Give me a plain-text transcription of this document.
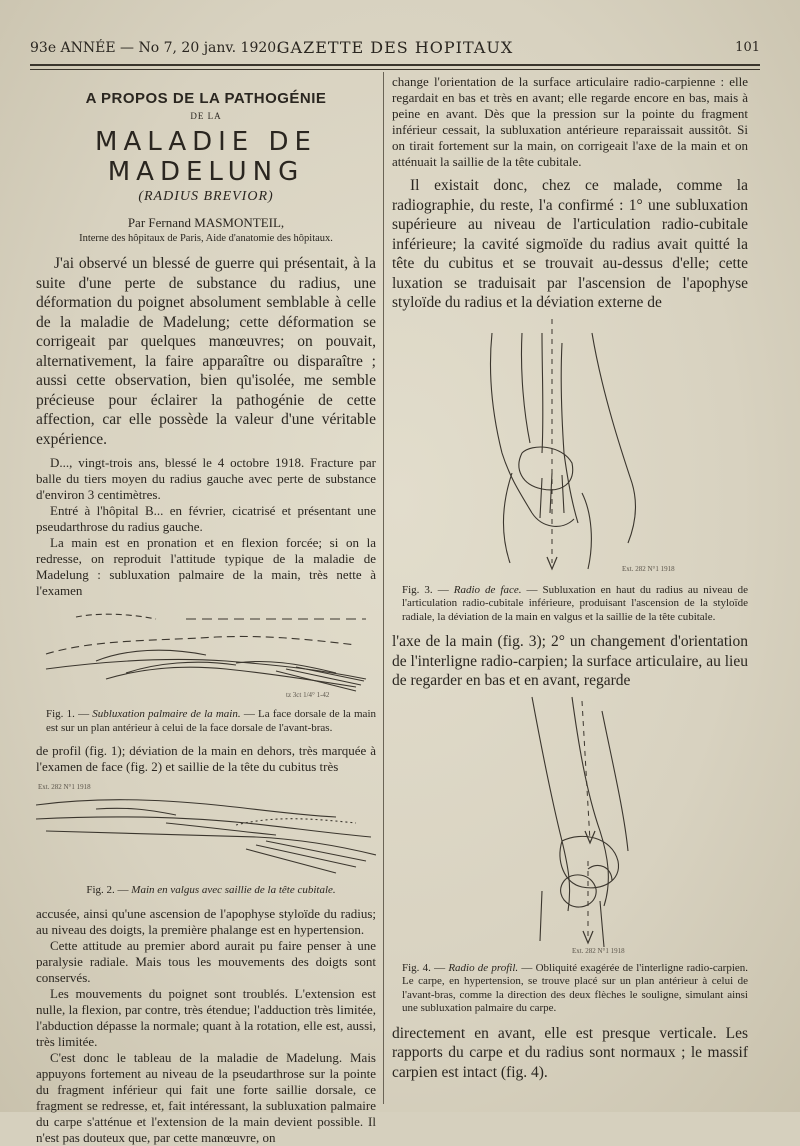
93e ANNÉE — No 7, 20 janv. 1920.
GAZETTE DES HOPITAUX	101
A PROPOS DE LA PATHOGÉNIE
DE LA
MALADIE DE MADELUNG
(RADIUS BREVIOR)
Par Fernand MASMONTEIL,
Interne des hôpitaux de Paris, Aide d'anatomie des hôpitaux.

J'ai observé un blessé de guerre qui présentait, à la suite d'une perte de substance du radius, une déformation du poignet absolument semblable à celle de la maladie de Madelung; cette déformation se corrigeait par quelques manœuvres; on pouvait, alternativement, la faire apparaître ou disparaître ; aussi cette observation, bien qu'isolée, me semble précieuse pour éclairer la pathogénie de cette affection, car elle possède la valeur d'une véritable expérience.

D..., vingt-trois ans, blessé le 4 octobre 1918. Fracture par balle du tiers moyen du radius gauche avec perte de substance d'environ 3 centimètres.

Entré à l'hôpital B... en février, cicatrisé et présentant une pseudarthrose du radius gauche.

La main est en pronation et en flexion forcée; si on la redresse, on reproduit l'attitude typique de la maladie de Madelung : subluxation palmaire de la main, très nette à l'examen

tz 3ct 1/4° 1-42

Fig. 1. — Subluxation palmaire de la main. — La face dorsale de la main est sur un plan antérieur à celui de la face dorsale de l'avant-bras.

de profil (fig. 1); déviation de la main en dehors, très marquée à l'examen de face (fig. 2) et saillie de la tête du cubitus très

Ext. 282 N°1 1918

Fig. 2. — Main en valgus avec saillie de la tête cubitale.

accusée, ainsi qu'une ascension de l'apophyse styloïde du radius; au niveau des doigts, la première phalange est en hypertension.

Cette attitude au premier abord aurait pu faire penser à une paralysie radiale. Mais tous les mouvements des doigts sont conservés.

Les mouvements du poignet sont troublés. L'extension est nulle, la flexion, par contre, très étendue; l'adduction très limitée, l'abduction dépasse la normale; quant à la rotation, elle est, aussi, très limitée.

C'est donc le tableau de la maladie de Madelung. Mais appuyons fortement au niveau de la pseudarthrose sur la pointe du fragment inférieur qui fait une forte saillie dorsale, ce fragment se redresse, et, fait intéressant, la subluxation palmaire du carpe s'atténue et l'extension de la main devient possible. Il n'est pas douteux que, par cette manœuvre, on

change l'orientation de la surface articulaire radio-carpienne : elle regardait en bas et très en avant; elle regarde encore en bas, mais à peine en avant. Dès que la pression sur la pointe du fragment inférieur cessait, la subluxation antérieure reparaissait aussitôt. Si on tirait fortement sur la main, on corrigeait l'axe de la main et on atténuait la saillie de la tête cubitale.

Il existait donc, chez ce malade, comme la radiographie, du reste, l'a confirmé : 1° une subluxation supérieure au niveau de l'articulation radio-cubitale inférieure; la cavité sigmoïde du radius avait quitté la tête du cubitus et se trouvait au-dessus d'elle; cette luxation se traduisait par l'ascension de l'apophyse styloïde du radius et la déviation externe de

Ext. 282 N°1 1918

Fig. 3. — Radio de face. — Subluxation en haut du radius au niveau de l'articulation radio-cubitale inférieure, produisant l'ascension de la styloïde radiale, la déviation de la main en valgus et la saillie de la tête cubitale.

l'axe de la main (fig. 3); 2° un changement d'orientation de l'interligne radio-carpien; la surface articulaire, au lieu de regarder en bas et en avant, regarde

Ext. 282 N°1 1918

Fig. 4. — Radio de profil. — Obliquité exagérée de l'interligne radio-carpien. Le carpe, en hypertension, se trouve placé sur un plan antérieur à celui de l'avant-bras, comme la direction des deux flèches le souligne, simulant ainsi une subluxation palmaire du carpe.

directement en avant, elle est presque verticale. Les rapports du carpe et du radius sont normaux ; le massif carpien est intact (fig. 4).
